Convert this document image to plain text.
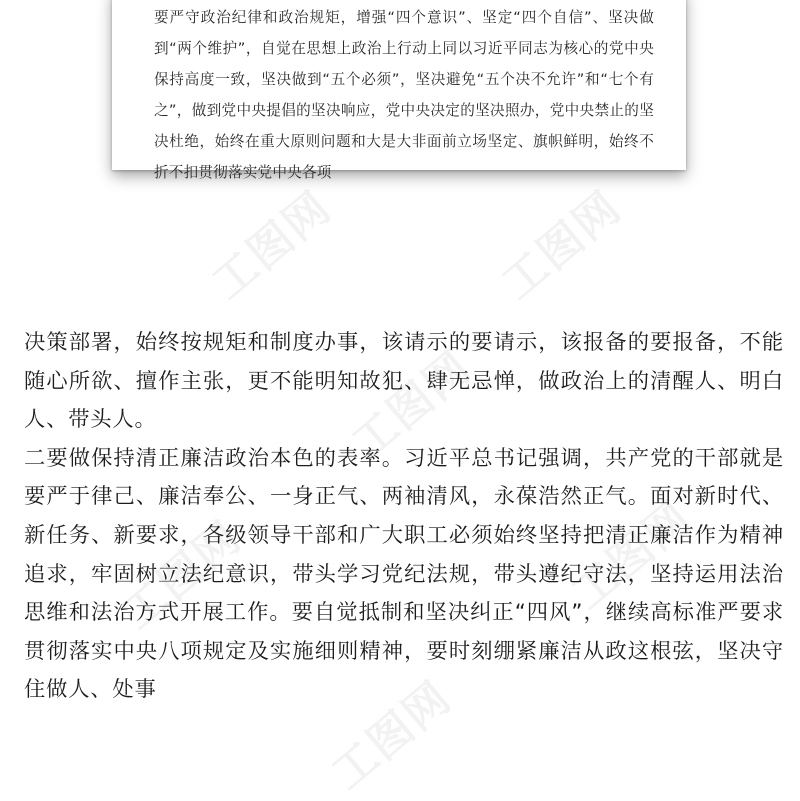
要严守政治纪律和政治规矩，增强“四个意识”、坚定“四个自信”、坚决做到“两个维护”，自觉在思想上政治上行动上同以习近平同志为核心的党中央保持高度一致，坚决做到“五个必须”，坚决避免“五个决不允许”和“七个有之”，做到党中央提倡的坚决响应，党中央决定的坚决照办，党中央禁止的坚决杜绝，始终在重大原则问题和大是大非面前立场坚定、旗帜鲜明，始终不折不扣贯彻落实党中央各项

工图网	工图网
工图网
工图网	工图网
工图网

决策部署，始终按规矩和制度办事，该请示的要请示，该报备的要报备，不能随心所欲、擅作主张，更不能明知故犯、肆无忌惮，做政治上的清醒人、明白人、带头人。

二要做保持清正廉洁政治本色的表率。习近平总书记强调，共产党的干部就是要严于律己、廉洁奉公、一身正气、两袖清风，永葆浩然正气。面对新时代、新任务、新要求，各级领导干部和广大职工必须始终坚持把清正廉洁作为精神追求，牢固树立法纪意识，带头学习党纪法规，带头遵纪守法，坚持运用法治思维和法治方式开展工作。要自觉抵制和坚决纠正“四风”，继续高标准严要求贯彻落实中央八项规定及实施细则精神，要时刻绷紧廉洁从政这根弦，坚决守住做人、处事
